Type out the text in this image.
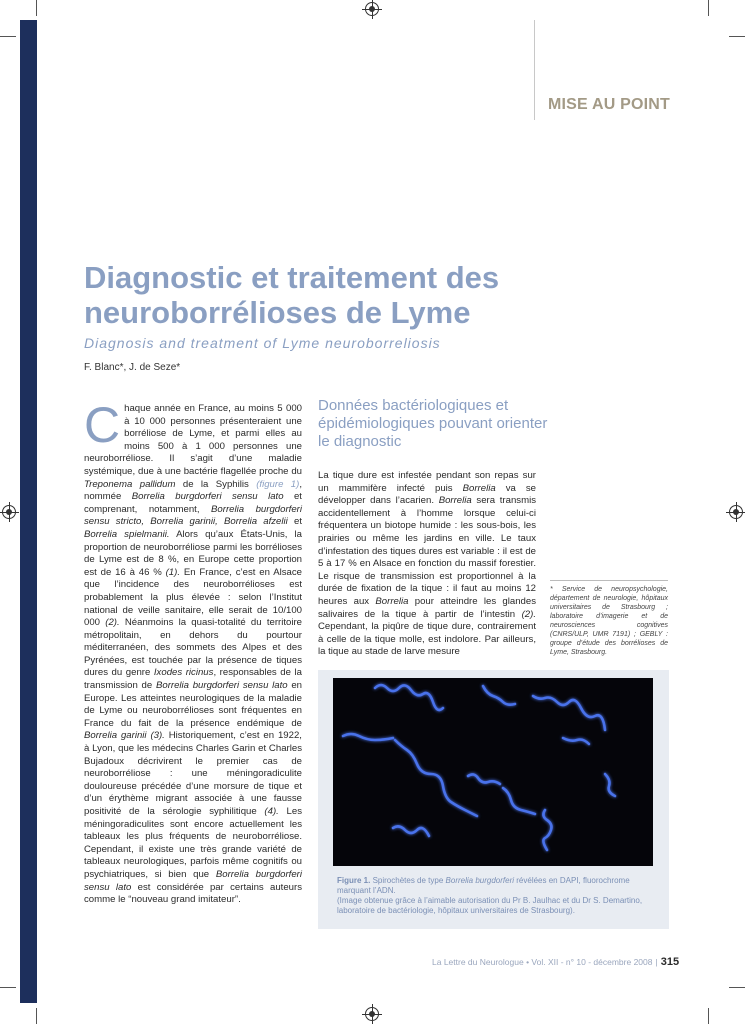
MISE AU POINT
Diagnostic et traitement des neuroborrélioses de Lyme
Diagnosis and treatment of Lyme neuroborreliosis
F. Blanc*, J. de Seze*
Chaque année en France, au moins 5 000 à 10 000 personnes présenteraient une borréliose de Lyme, et parmi elles au moins 500 à 1 000 personnes une neuroborréliose. Il s’agit d’une maladie systémique, due à une bactérie flagellée proche du Treponema pallidum de la Syphilis (figure 1), nommée Borrelia burgdorferi sensu lato et comprenant, notamment, Borrelia burgdorferi sensu stricto, Borrelia garinii, Borrelia afzelii et Borrelia spielmanii. Alors qu’aux États-Unis, la proportion de neuroborréliose parmi les borrélioses de Lyme est de 8 %, en Europe cette proportion est de 16 à 46 % (1). En France, c’est en Alsace que l’incidence des neuroborrélioses est probablement la plus élevée : selon l’Institut national de veille sanitaire, elle serait de 10/100 000 (2). Néanmoins la quasi-totalité du territoire métropolitain, en dehors du pourtour méditerranéen, des sommets des Alpes et des Pyrénées, est touchée par la présence de tiques dures du genre Ixodes ricinus, responsables de la transmission de Borrelia burgdorferi sensu lato en Europe. Les atteintes neurologiques de la maladie de Lyme ou neuroborrélioses sont fréquentes en France du fait de la présence endémique de Borrelia garinii (3). Historiquement, c’est en 1922, à Lyon, que les médecins Charles Garin et Charles Bujadoux décrivirent le premier cas de neuroborréliose : une méningoradiculite douloureuse précédée d’une morsure de tique et d’un érythème migrant associée à une fausse positivité de la sérologie syphilitique (4). Les méningoradiculites sont encore actuellement les tableaux les plus fréquents de neuroborréliose. Cependant, il existe une très grande variété de tableaux neurologiques, parfois même cognitifs ou psychiatriques, si bien que Borrelia burgdorferi sensu lato est considérée par certains auteurs comme le “nouveau grand imitateur”.
Données bactériologiques et épidémiologiques pouvant orienter le diagnostic
La tique dure est infestée pendant son repas sur un mammifère infecté puis Borrelia va se développer dans l’acarien. Borrelia sera transmis accidentellement à l’homme lorsque celui-ci fréquentera un biotope humide : les sous-bois, les prairies ou même les jardins en ville. Le taux d’infestation des tiques dures est variable : il est de 5 à 17 % en Alsace en fonction du massif forestier. Le risque de transmission est proportionnel à la durée de fixation de la tique : il faut au moins 12 heures aux Borrelia pour atteindre les glandes salivaires de la tique à partir de l’intestin (2). Cependant, la piqûre de tique dure, contrairement à celle de la tique molle, est indolore. Par ailleurs, la tique au stade de larve mesure
* Service de neuropsychologie, département de neurologie, hôpitaux universitaires de Strasbourg ; laboratoire d’imagerie et de neurosciences cognitives (CNRS/ULP, UMR 7191) ; GEBLY : groupe d’étude des borrélioses de Lyme, Strasbourg.
Figure 1. Spirochètes de type Borrelia burgdorferi révélées en DAPI, fluorochrome marquant l’ADN.
(Image obtenue grâce à l’aimable autorisation du Pr B. Jaulhac et du Dr S. Demartino, laboratoire de bactériologie, hôpitaux universitaires de Strasbourg).
La Lettre du Neurologue • Vol. XII - n° 10 - décembre 2008 | 315
